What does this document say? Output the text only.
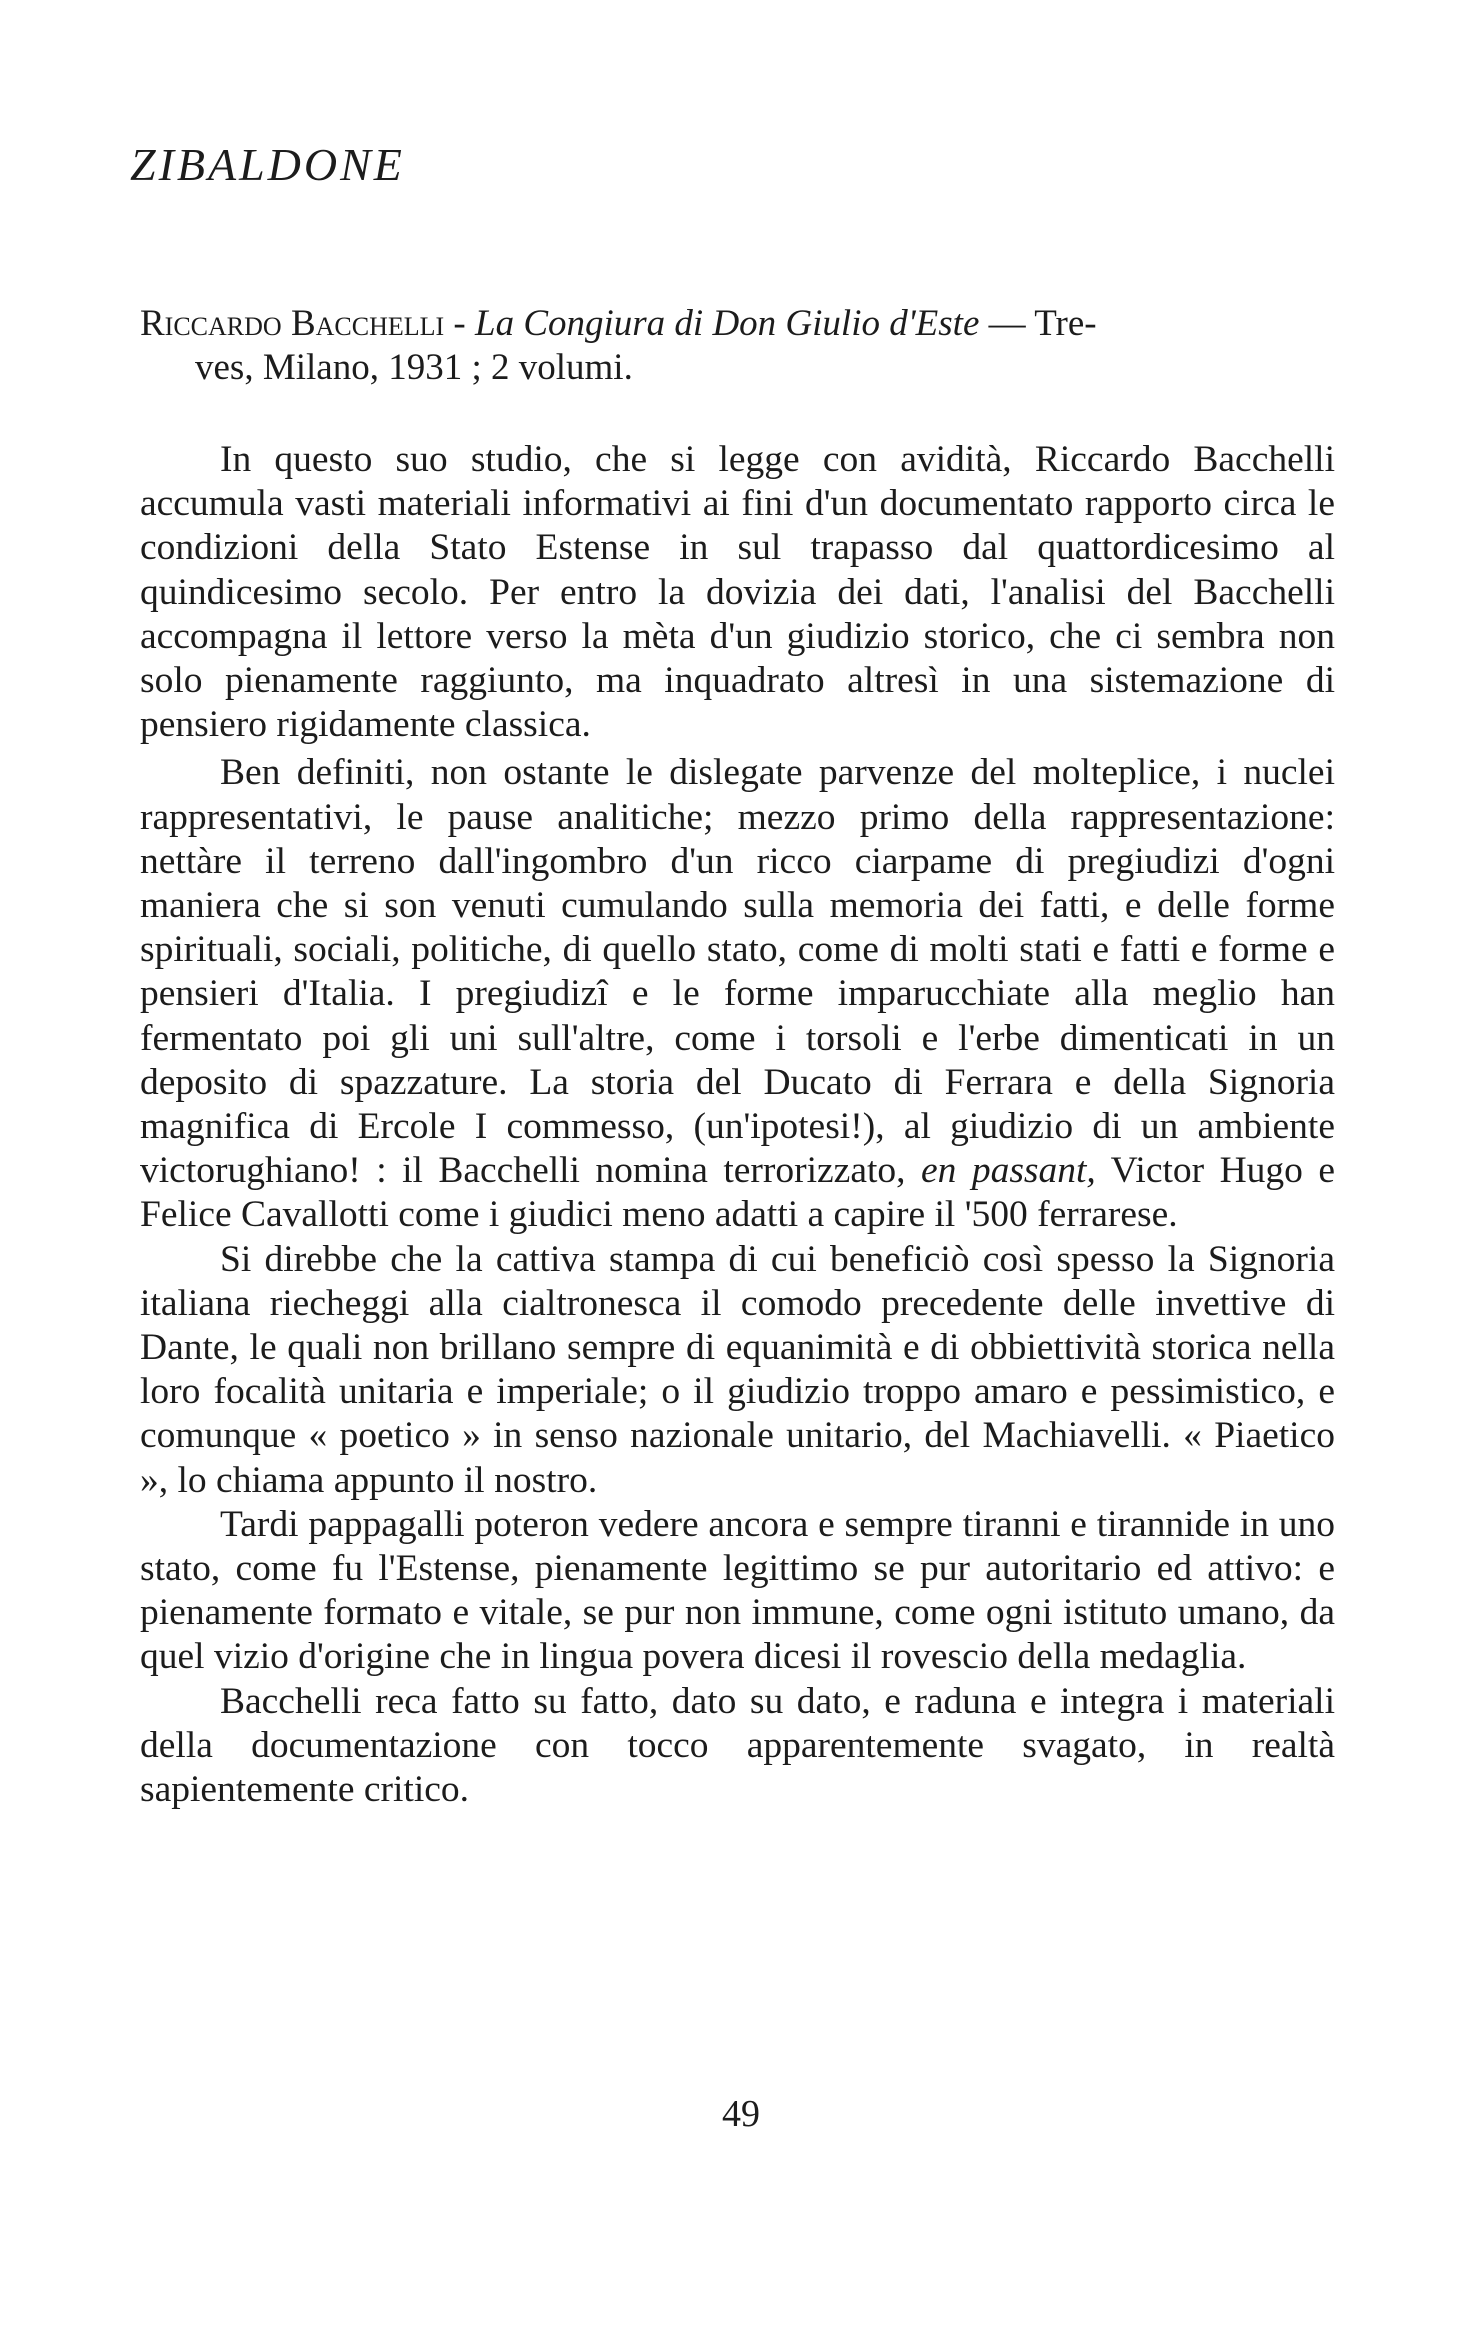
ZIBALDONE
Riccardo Bacchelli - La Congiura di Don Giulio d'Este — Tre-
ves, Milano, 1931 ; 2 volumi.

In questo suo studio, che si legge con avidità, Riccardo Bacchelli accumula vasti materiali informativi ai fini d'un documentato rapporto circa le condizioni della Stato Estense in sul trapasso dal quattordicesimo al quindicesimo secolo. Per entro la dovizia dei dati, l'analisi del Bacchelli accompagna il lettore verso la mèta d'un giudizio storico, che ci sembra non solo pienamente raggiunto, ma inquadrato altresì in una sistemazione di pensiero rigidamente classica.

Ben definiti, non ostante le dislegate parvenze del molteplice, i nuclei rappresentativi, le pause analitiche; mezzo primo della rappresentazione: nettàre il terreno dall'ingombro d'un ricco ciarpame di pregiudizi d'ogni maniera che si son venuti cumulando sulla memoria dei fatti, e delle forme spirituali, sociali, politiche, di quello stato, come di molti stati e fatti e forme e pensieri d'Italia. I pregiudizî e le forme imparucchiate alla meglio han fermentato poi gli uni sull'altre, come i torsoli e l'erbe dimenticati in un deposito di spazzature. La storia del Ducato di Ferrara e della Signoria magnifica di Ercole I commesso, (un'ipotesi!), al giudizio di un ambiente victorughiano! : il Bacchelli nomina terrorizzato, en passant, Victor Hugo e Felice Cavallotti come i giudici meno adatti a capire il '500 ferrarese.

Si direbbe che la cattiva stampa di cui beneficiò così spesso la Signoria italiana riecheggi alla cialtronesca il comodo precedente delle invettive di Dante, le quali non brillano sempre di equanimità e di obbiettività storica nella loro focalità unitaria e imperiale; o il giudizio troppo amaro e pessimistico, e comunque « poetico » in senso nazionale unitario, del Machiavelli. « Piaetico », lo chiama appunto il nostro.

Tardi pappagalli poteron vedere ancora e sempre tiranni e tirannide in uno stato, come fu l'Estense, pienamente legittimo se pur autoritario ed attivo: e pienamente formato e vitale, se pur non immune, come ogni istituto umano, da quel vizio d'origine che in lingua povera dicesi il rovescio della medaglia.

Bacchelli reca fatto su fatto, dato su dato, e raduna e integra i materiali della documentazione con tocco apparentemente svagato, in realtà sapientemente critico.

49
